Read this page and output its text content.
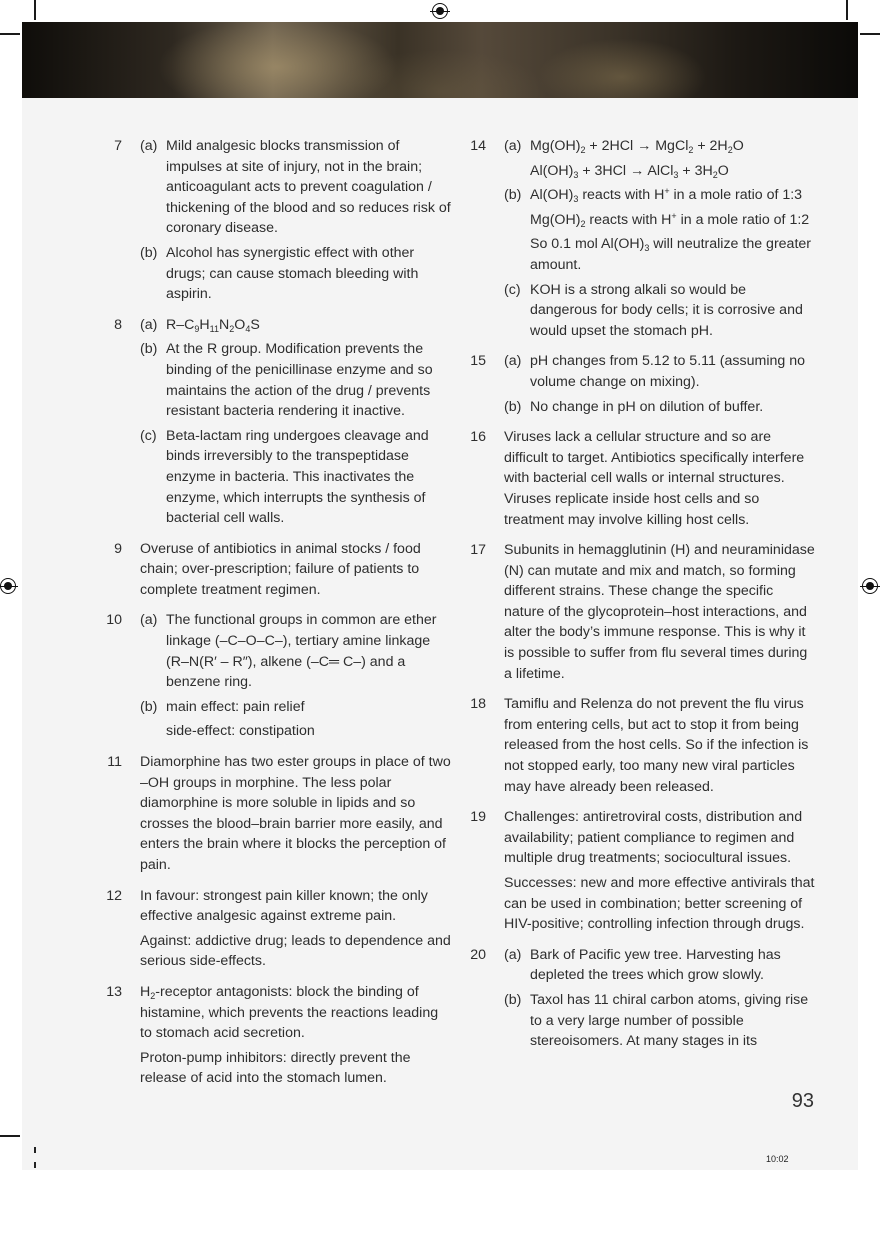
7 (a) Mild analgesic blocks transmission of impulses at site of injury, not in the brain; anticoagulant acts to prevent coagulation / thickening of the blood and so reduces risk of coronary disease.
(b) Alcohol has synergistic effect with other drugs; can cause stomach bleeding with aspirin.
8 (a) $R-C_9H_{11}N_2O_4S$
(b) At the R group. Modification prevents the binding of the penicillinase enzyme and so maintains the action of the drug / prevents resistant bacteria rendering it inactive.
(c) Beta-lactam ring undergoes cleavage and binds irreversibly to the transpeptidase enzyme in bacteria. This inactivates the enzyme, which interrupts the synthesis of bacterial cell walls.
9 Overuse of antibiotics in animal stocks / food chain; over-prescription; failure of patients to complete treatment regimen.
10 (a) The functional groups in common are ether linkage (–C–O–C–), tertiary amine linkage (R–N(R′ – R″), alkene (–C═ C–) and a benzene ring.
(b) main effect: pain relief
side-effect: constipation
11 Diamorphine has two ester groups in place of two –OH groups in morphine. The less polar diamorphine is more soluble in lipids and so crosses the blood–brain barrier more easily, and enters the brain where it blocks the perception of pain.
12 In favour: strongest pain killer known; the only effective analgesic against extreme pain.
Against: addictive drug; leads to dependence and serious side-effects.
13 $H_2$-receptor antagonists: block the binding of histamine, which prevents the reactions leading to stomach acid secretion.
Proton-pump inhibitors: directly prevent the release of acid into the stomach lumen.
14 (a) $Mg(OH)_2 + 2HCl$ → MgCl$_2$ + $2H_2O$
$Al(OH)_3 + 3HCl$ → AlCl$_3$ + $3H_2O$
(b) $Al(OH)_3$ reacts with H+ in a mole ratio of 1:3
$Mg(OH)_2$ reacts with H+ in a mole ratio of 1:2
So 0.1 mol $Al(OH)_3$ will neutralize the greater amount.
(c) KOH is a strong alkali so would be dangerous for body cells; it is corrosive and would upset the stomach pH.
15 (a) pH changes from 5.12 to 5.11 (assuming no volume change on mixing).
(b) No change in pH on dilution of buffer.
16 Viruses lack a cellular structure and so are difficult to target. Antibiotics specifically interfere with bacterial cell walls or internal structures. Viruses replicate inside host cells and so treatment may involve killing host cells.
17 Subunits in hemagglutinin (H) and neuraminidase (N) can mutate and mix and match, so forming different strains. These change the specific nature of the glycoprotein–host interactions, and alter the body’s immune response. This is why it is possible to suffer from flu several times during a lifetime.
18 Tamiflu and Relenza do not prevent the flu virus from entering cells, but act to stop it from being released from the host cells. So if the infection is not stopped early, too many new viral particles may have already been released.
19 Challenges: antiretroviral costs, distribution and availability; patient compliance to regimen and multiple drug treatments; sociocultural issues.
Successes: new and more effective antivirals that can be used in combination; better screening of HIV-positive; controlling infection through drugs.
20 (a) Bark of Pacific yew tree. Harvesting has depleted the trees which grow slowly.
(b) Taxol has 11 chiral carbon atoms, giving rise to a very large number of possible stereoisomers. At many stages in its
93
10:02
